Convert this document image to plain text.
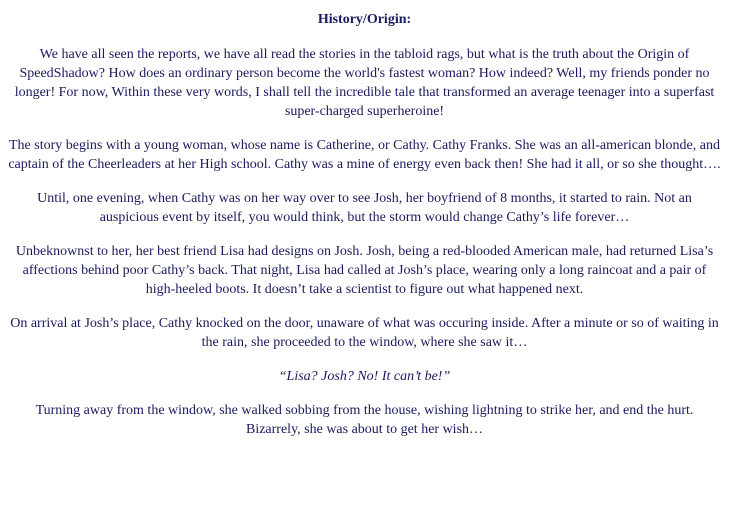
History/Origin:

We have all seen the reports, we have all read the stories in the tabloid rags, but what is the truth about the Origin of SpeedShadow? How does an ordinary person become the world's fastest woman? How indeed? Well, my friends ponder no longer! For now, Within these very words, I shall tell the incredible tale that transformed an average teenager into a superfast super-charged superheroine!

The story begins with a young woman, whose name is Catherine, or Cathy. Cathy Franks. She was an all-american blonde, and captain of the Cheerleaders at her High school. Cathy was a mine of energy even back then! She had it all, or so she thought….

Until, one evening, when Cathy was on her way over to see Josh, her boyfriend of 8 months, it started to rain. Not an auspicious event by itself, you would think, but the storm would change Cathy’s life forever…

Unbeknownst to her, her best friend Lisa had designs on Josh. Josh, being a red-blooded American male, had returned Lisa’s affections behind poor Cathy’s back. That night, Lisa had called at Josh’s place, wearing only a long raincoat and a pair of high-heeled boots. It doesn’t take a scientist to figure out what happened next.

On arrival at Josh’s place, Cathy knocked on the door, unaware of what was occuring inside. After a minute or so of waiting in the rain, she proceeded to the window, where she saw it…

“Lisa? Josh? No! It can’t be!”

Turning away from the window, she walked sobbing from the house, wishing lightning to strike her, and end the hurt. Bizarrely, she was about to get her wish…
